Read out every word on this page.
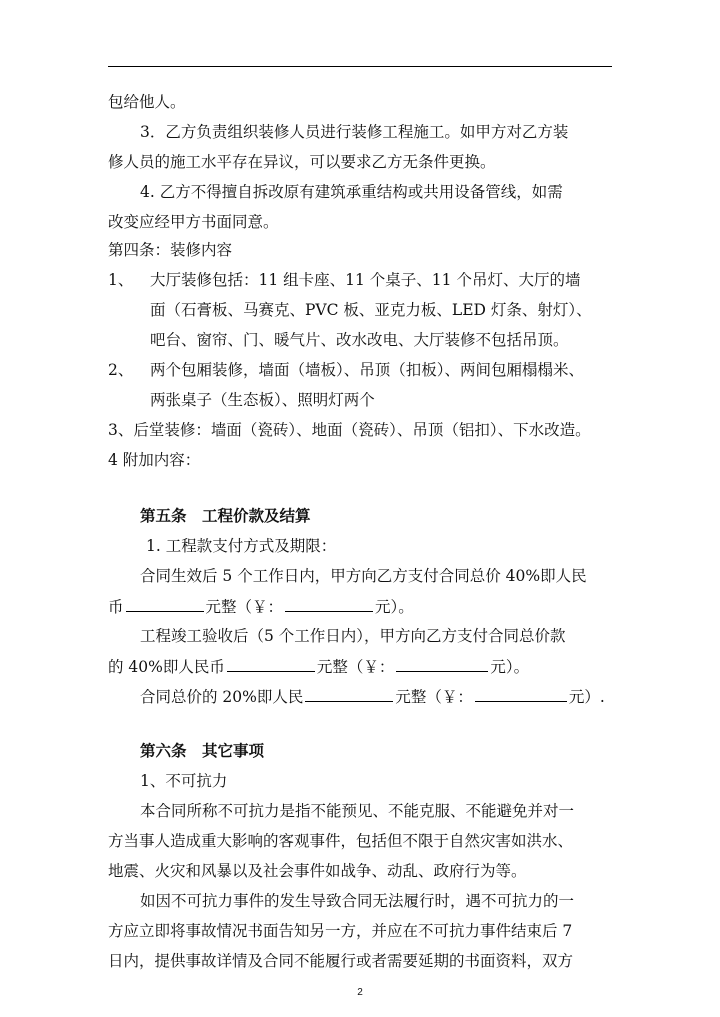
包给他人。
3．乙方负责组织装修人员进行装修工程施工。如甲方对乙方装
修人员的施工水平存在异议，可以要求乙方无条件更换。
4. 乙方不得擅自拆改原有建筑承重结构或共用设备管线，如需
改变应经甲方书面同意。
第四条：装修内容
1、 大厅装修包括：11 组卡座、11 个桌子、11 个吊灯、大厅的墙
面（石膏板、马赛克、PVC 板、亚克力板、LED 灯条、射灯）、
吧台、窗帘、门、暖气片、改水改电、大厅装修不包括吊顶。
2、 两个包厢装修，墙面（墙板）、吊顶（扣板）、两间包厢榻榻米、
两张桌子（生态板）、照明灯两个
3、后堂装修：墙面（瓷砖）、地面（瓷砖）、吊顶（铝扣）、下水改造。
4 附加内容：
第五条　工程价款及结算
1. 工程款支付方式及期限：
合同生效后 5 个工作日内，甲方向乙方支付合同总价 40%即人民
币	元整（￥：	元）。
工程竣工验收后（5 个工作日内），甲方向乙方支付合同总价款
的 40%即人民币	元整（￥：	元）。
合同总价的 20%即人民	元整（￥：	元）.
第六条　其它事项
1、不可抗力
本合同所称不可抗力是指不能预见、不能克服、不能避免并对一
方当事人造成重大影响的客观事件，包括但不限于自然灾害如洪水、
地震、火灾和风暴以及社会事件如战争、动乱、政府行为等。
如因不可抗力事件的发生导致合同无法履行时，遇不可抗力的一
方应立即将事故情况书面告知另一方，并应在不可抗力事件结束后 7
日内，提供事故详情及合同不能履行或者需要延期的书面资料，双方
2
